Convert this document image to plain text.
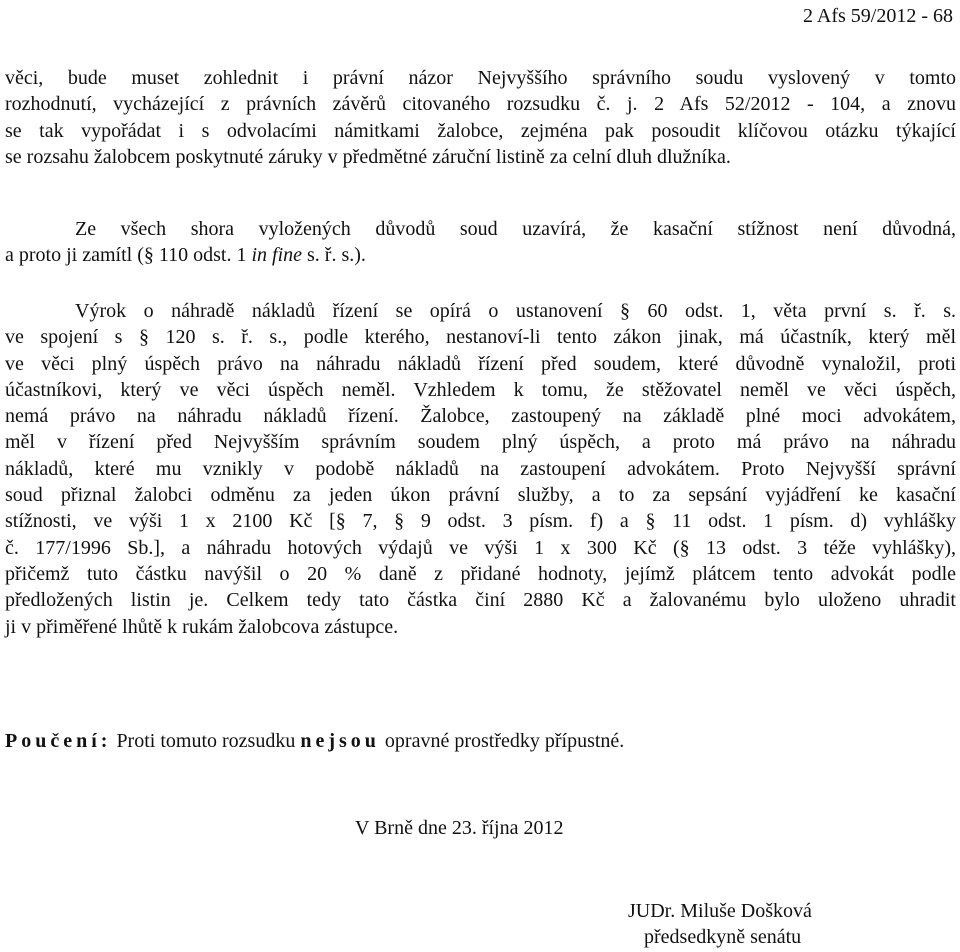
2 Afs 59/2012 - 68
věci, bude muset zohlednit i právní názor Nejvyššího správního soudu vyslovený v tomto
rozhodnutí, vycházející z právních závěrů citovaného rozsudku č. j. 2 Afs 52/2012 - 104, a znovu
se tak vypořádat i s odvolacími námitkami žalobce, zejména pak posoudit klíčovou otázku týkající
se rozsahu žalobcem poskytnuté záruky v předmětné záruční listině za celní dluh dlužníka.
Ze všech shora vyložených důvodů soud uzavírá, že kasační stížnost není důvodná,
a proto ji zamítl (§ 110 odst. 1 in fine s. ř. s.).
Výrok o náhradě nákladů řízení se opírá o ustanovení § 60 odst. 1, věta první s. ř. s.
ve spojení s § 120 s. ř. s., podle kterého, nestanoví-li tento zákon jinak, má účastník, který měl
ve věci plný úspěch právo na náhradu nákladů řízení před soudem, které důvodně vynaložil, proti
účastníkovi, který ve věci úspěch neměl. Vzhledem k tomu, že stěžovatel neměl ve věci úspěch,
nemá právo na náhradu nákladů řízení. Žalobce, zastoupený na základě plné moci advokátem,
měl v řízení před Nejvyšším správním soudem plný úspěch, a proto má právo na náhradu
nákladů, které mu vznikly v podobě nákladů na zastoupení advokátem. Proto Nejvyšší správní
soud přiznal žalobci odměnu za jeden úkon právní služby, a to za sepsání vyjádření ke kasační
stížnosti, ve výši 1 x 2100 Kč [§ 7, § 9 odst. 3 písm. f) a § 11 odst. 1 písm. d) vyhlášky
č. 177/1996 Sb.], a náhradu hotových výdajů ve výši 1 x 300 Kč (§ 13 odst. 3 téže vyhlášky),
přičemž tuto částku navýšil o 20 % daně z přidané hodnoty, jejímž plátcem tento advokát podle
předložených listin je. Celkem tedy tato částka činí 2880 Kč a žalovanému bylo uloženo uhradit
ji v přiměřené lhůtě k rukám žalobcova zástupce.
Poučení: Proti tomuto rozsudku nejsou opravné prostředky přípustné.
V Brně dne 23. října 2012
JUDr. Miluše Došková
předsedkyně senátu
